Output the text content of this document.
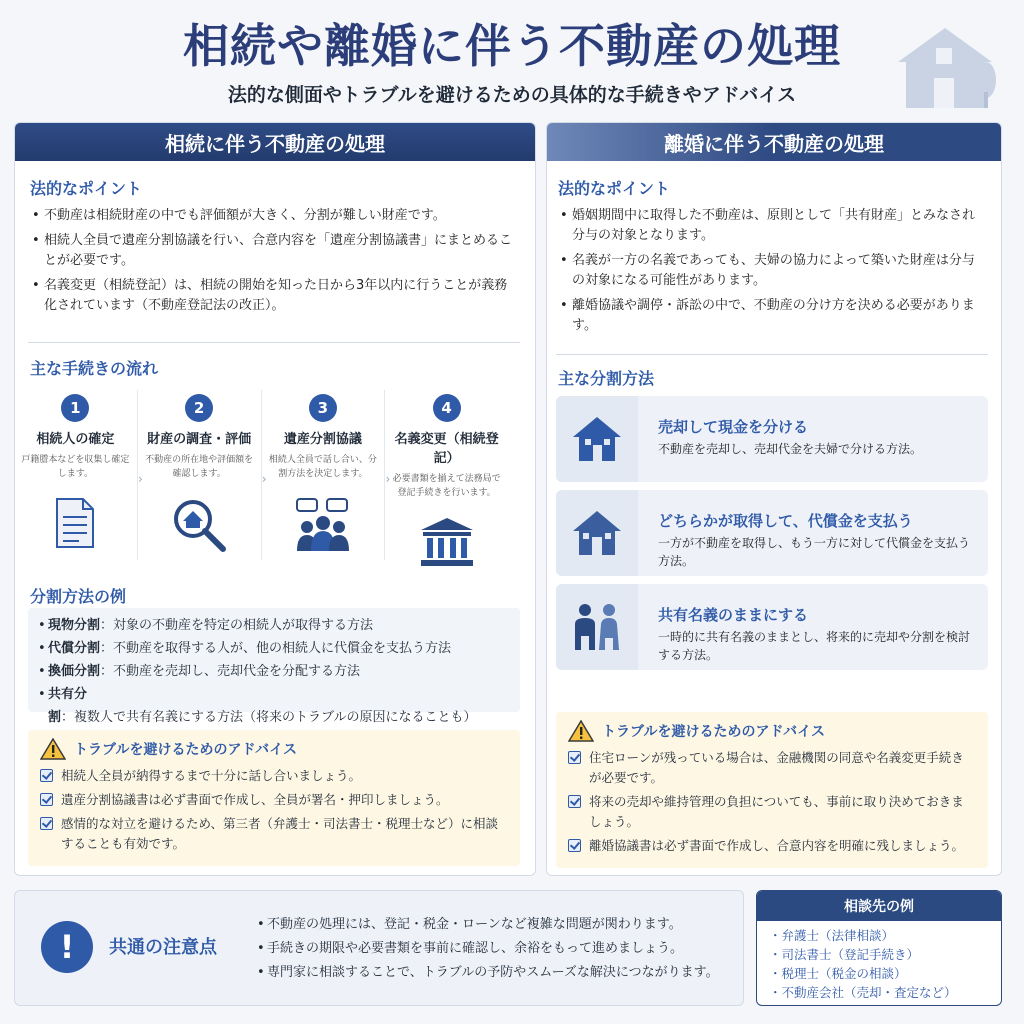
相続や離婚に伴う不動産の処理
法的な側面やトラブルを避けるための具体的な手続きやアドバイス
相続に伴う不動産の処理
法的なポイント
• 不動産は相続財産の中でも評価額が大きく、分割が難しい財産です。
• 相続人全員で遺産分割協議を行い、合意内容を「遺産分割協議書」にまとめることが必要です。
• 名義変更（相続登記）は、相続の開始を知った日から3年以内に行うことが義務化されています（不動産登記法の改正）。
主な手続きの流れ
1
相続人の確定
戸籍謄本などを収集し確定します。	›
2
財産の調査・評価
不動産の所在地や評価額を確認します。	›
3
遺産分割協議
相続人全員で話し合い、分割方法を決定します。	›
4
名義変更（相続登記）
必要書類を揃えて法務局で登記手続きを行います。
分割方法の例
• 現物分割：対象の不動産を特定の相続人が取得する方法
• 代償分割：不動産を取得する人が、他の相続人に代償金を支払う方法
• 換価分割：不動産を売却し、売却代金を分配する方法
• 共有分割：複数人で共有名義にする方法（将来のトラブルの原因になることも）
トラブルを避けるためのアドバイス
相続人全員が納得するまで十分に話し合いましょう。
遺産分割協議書は必ず書面で作成し、全員が署名・押印しましょう。
感情的な対立を避けるため、第三者（弁護士・司法書士・税理士など）に相談することも有効です。
離婚に伴う不動産の処理
法的なポイント
• 婚姻期間中に取得した不動産は、原則として「共有財産」とみなされ分与の対象となります。
• 名義が一方の名義であっても、夫婦の協力によって築いた財産は分与の対象になる可能性があります。
• 離婚協議や調停・訴訟の中で、不動産の分け方を決める必要があります。
主な分割方法
売却して現金を分ける
不動産を売却し、売却代金を夫婦で分ける方法。
どちらかが取得して、代償金を支払う
一方が不動産を取得し、もう一方に対して代償金を支払う方法。
共有名義のままにする
一時的に共有名義のままとし、将来的に売却や分割を検討する方法。
トラブルを避けるためのアドバイス
住宅ローンが残っている場合は、金融機関の同意や名義変更手続きが必要です。
将来の売却や維持管理の負担についても、事前に取り決めておきましょう。
離婚協議書は必ず書面で作成し、合意内容を明確に残しましょう。
!	共通の注意点
• 不動産の処理には、登記・税金・ローンなど複雑な問題が関わります。
• 手続きの期限や必要書類を事前に確認し、余裕をもって進めましょう。
• 専門家に相談することで、トラブルの予防やスムーズな解決につながります。
相談先の例
・弁護士（法律相談）
・司法書士（登記手続き）
・税理士（税金の相談）
・不動産会社（売却・査定など）
